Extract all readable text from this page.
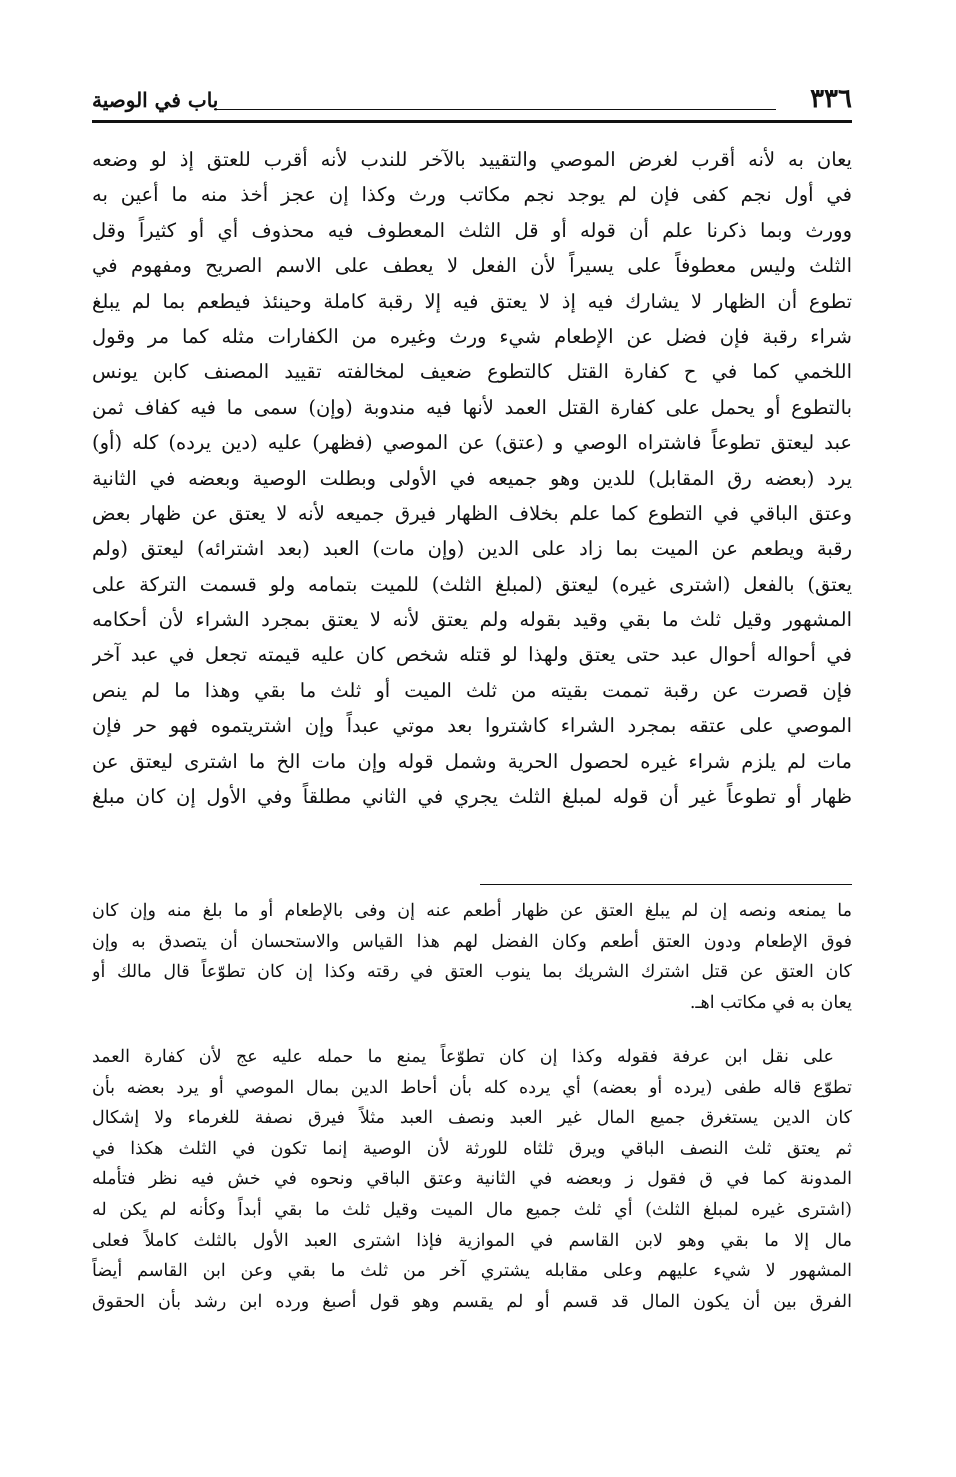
٣٣٦
باب في الوصية
يعان به لأنه أقرب لغرض الموصي والتقييد بالآخر للندب لأنه أقرب للعتق إذ لو وضعه
في أول نجم كفى فإن لم يوجد نجم مكاتب ورث وكذا إن عجز أخذ منه ما أعين به
وورث وبما ذكرنا علم أن قوله أو قل الثلث المعطوف فيه محذوف أي أو كثيراً وقل
الثلث وليس معطوفاً على يسيراً لأن الفعل لا يعطف على الاسم الصريح ومفهوم في
تطوع أن الظهار لا يشارك فيه إذ لا يعتق فيه إلا رقبة كاملة وحينئذ فيطعم بما لم يبلغ
شراء رقبة فإن فضل عن الإطعام شيء ورث وغيره من الكفارات مثله كما مر وقول
اللخمي كما في ح كفارة القتل كالتطوع ضعيف لمخالفته تقييد المصنف كابن يونس
بالتطوع أو يحمل على كفارة القتل العمد لأنها فيه مندوبة (وإن) سمى ما فيه كفاف ثمن
عبد ليعتق تطوعاً فاشتراه الوصي و (عتق) عن الموصي (فظهر) عليه (دين يرده) كله (أو)
يرد (بعضه رق المقابل) للدين وهو جميعه في الأولى وبطلت الوصية وبعضه في الثانية
وعتق الباقي في التطوع كما علم بخلاف الظهار فيرق جميعه لأنه لا يعتق عن ظهار بعض
رقبة ويطعم عن الميت بما زاد على الدين (وإن مات) العبد (بعد اشترائه) ليعتق (ولم
يعتق) بالفعل (اشترى غيره) ليعتق (لمبلغ الثلث) للميت بتمامه ولو قسمت التركة على
المشهور وقيل ثلث ما بقي وقيد بقوله ولم يعتق لأنه لا يعتق بمجرد الشراء لأن أحكامه
في أحواله أحوال عبد حتى يعتق ولهذا لو قتله شخص كان عليه قيمته تجعل في عبد آخر
فإن قصرت عن رقبة تممت بقيته من ثلث الميت أو ثلث ما بقي وهذا ما لم ينص
الموصي على عتقه بمجرد الشراء كاشتروا بعد موتي عبداً وإن اشتريتموه فهو حر فإن
مات لم يلزم شراء غيره لحصول الحرية وشمل قوله وإن مات الخ ما اشترى ليعتق عن
ظهار أو تطوعاً غير أن قوله لمبلغ الثلث يجري في الثاني مطلقاً وفي الأول إن كان مبلغ
ما يمنعه ونصه إن لم يبلغ العتق عن ظهار أطعم عنه إن وفى بالإطعام أو ما بلغ منه وإن كان
فوق الإطعام ودون العتق أطعم وكان الفضل لهم هذا القياس والاستحسان أن يتصدق به وإن
كان العتق عن قتل اشترك الشريك بما ينوب العتق في رقته وكذا إن كان تطوّعاً قال مالك أو
يعان به في مكاتب اهـ.
على نقل ابن عرفة فقوله وكذا إن كان تطوّعاً يمنع ما حمله عليه عج لأن كفارة العمد
تطوّع قاله طفى (يرده أو بعضه) أي يرده كله بأن أحاط الدين بمال الموصي أو يرد بعضه بأن
كان الدين يستغرق جميع المال غير العبد ونصف العبد مثلاً فيرق نصفة للغرماء ولا إشكال
ثم يعتق ثلث النصف الباقي ويرق ثلثاه للورثة لأن الوصية إنما تكون في الثلث هكذا في
المدونة كما في ق فقول ز وبعضه في الثانية وعتق الباقي ونحوه في خش فيه نظر فتأمله
(اشترى غيره لمبلغ الثلث) أي ثلث جميع مال الميت وقيل ثلث ما بقي أبداً وكأنه لم يكن له
مال إلا ما بقي وهو لابن القاسم في الموازية فإذا اشترى العبد الأول بالثلث كاملاً فعلى
المشهور لا شيء عليهم وعلى مقابله يشتري آخر من ثلث ما بقي وعن ابن القاسم أيضاً
الفرق بين أن يكون المال قد قسم أو لم يقسم وهو قول أصبغ ورده ابن رشد بأن الحقوق
